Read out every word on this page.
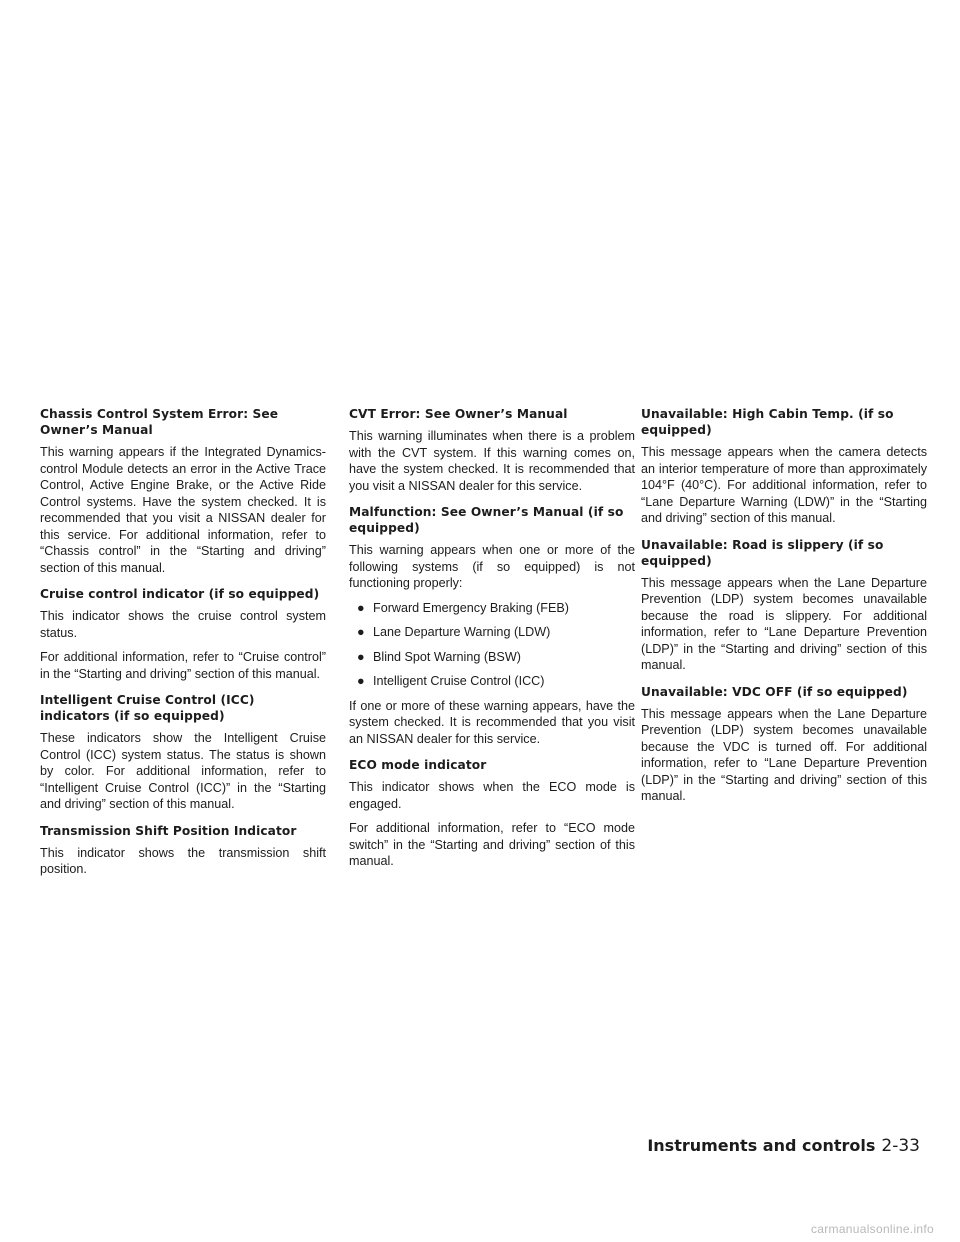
Chassis Control System Error: See Owner’s Manual

This warning appears if the Integrated Dynamics-control Module detects an error in the Active Trace Control, Active Engine Brake, or the Active Ride Control systems. Have the system checked. It is recommended that you visit a NISSAN dealer for this service. For additional information, refer to “Chassis control” in the “Starting and driving” section of this manual.

Cruise control indicator (if so equipped)

This indicator shows the cruise control system status.

For additional information, refer to “Cruise control” in the “Starting and driving” section of this manual.

Intelligent Cruise Control (ICC) indicators (if so equipped)

These indicators show the Intelligent Cruise Control (ICC) system status. The status is shown by color. For additional information, refer to “Intelligent Cruise Control (ICC)” in the “Starting and driving” section of this manual.

Transmission Shift Position Indicator

This indicator shows the transmission shift position.

CVT Error: See Owner’s Manual

This warning illuminates when there is a problem with the CVT system. If this warning comes on, have the system checked. It is recommended that you visit a NISSAN dealer for this service.

Malfunction: See Owner’s Manual (if so equipped)

This warning appears when one or more of the following systems (if so equipped) is not functioning properly:

● Forward Emergency Braking (FEB)
● Lane Departure Warning (LDW)
● Blind Spot Warning (BSW)
● Intelligent Cruise Control (ICC)

If one or more of these warning appears, have the system checked. It is recommended that you visit an NISSAN dealer for this service.

ECO mode indicator

This indicator shows when the ECO mode is engaged.

For additional information, refer to “ECO mode switch” in the “Starting and driving” section of this manual.

Unavailable: High Cabin Temp. (if so equipped)

This message appears when the camera detects an interior temperature of more than approximately 104°F (40°C). For additional information, refer to “Lane Departure Warning (LDW)” in the “Starting and driving” section of this manual.

Unavailable: Road is slippery (if so equipped)

This message appears when the Lane Departure Prevention (LDP) system becomes unavailable because the road is slippery. For additional information, refer to “Lane Departure Prevention (LDP)” in the “Starting and driving” section of this manual.

Unavailable: VDC OFF (if so equipped)

This message appears when the Lane Departure Prevention (LDP) system becomes unavailable because the VDC is turned off. For additional information, refer to “Lane Departure Prevention (LDP)” in the “Starting and driving” section of this manual.

Instruments and controls 2-33
carmanualsonline.info
